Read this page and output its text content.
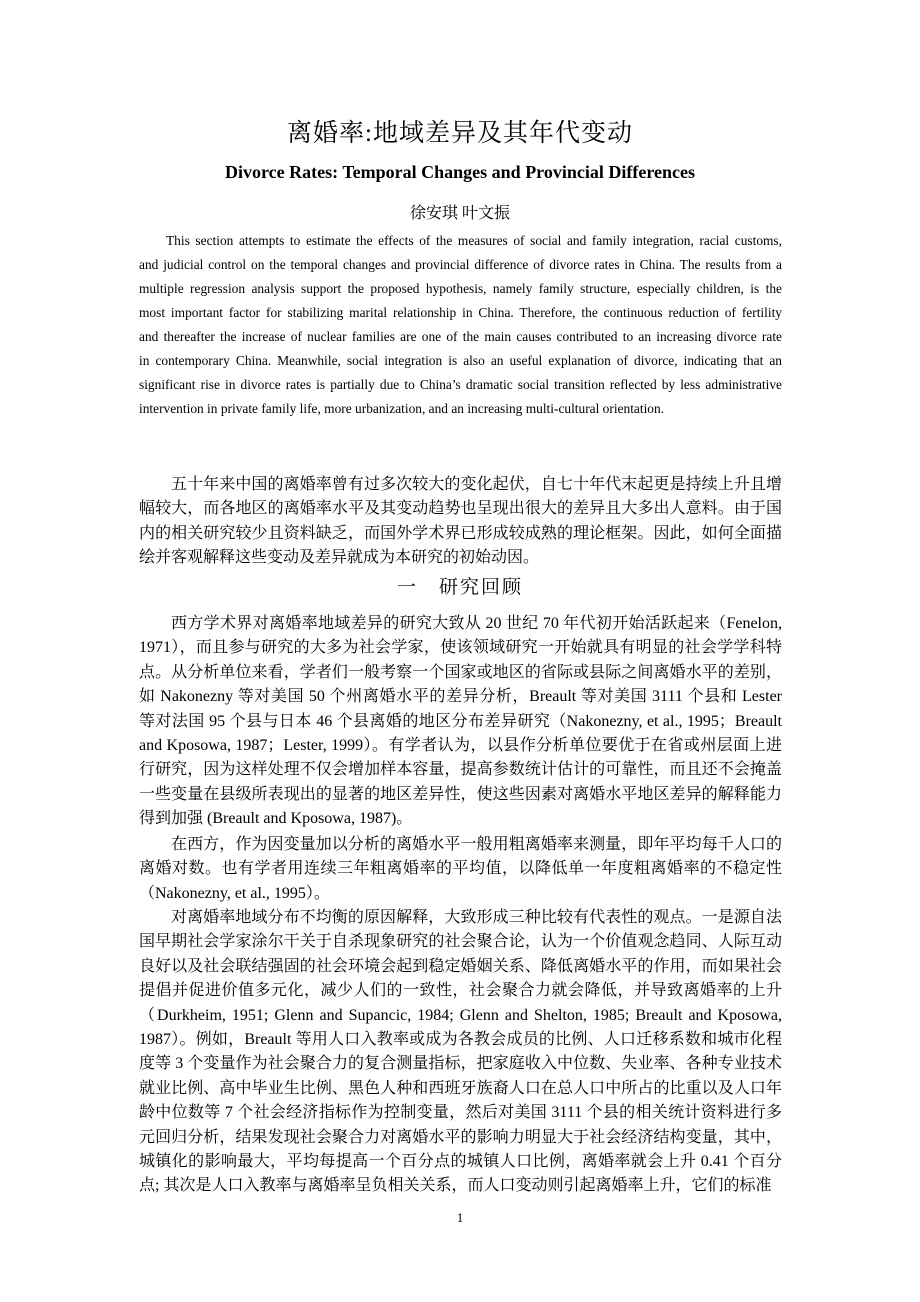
离婚率:地域差异及其年代变动
Divorce Rates: Temporal Changes and Provincial Differences
徐安琪 叶文振
This section attempts to estimate the effects of the measures of social and family integration, racial customs,
and judicial control on the temporal changes and provincial difference of divorce rates in China. The results from a
multiple regression analysis support the proposed hypothesis, namely family structure, especially children, is the
most important factor for stabilizing marital relationship in China. Therefore, the continuous reduction of fertility
and thereafter the increase of nuclear families are one of the main causes contributed to an increasing divorce rate
in contemporary China. Meanwhile, social integration is also an useful explanation of divorce, indicating that an
significant rise in divorce rates is partially due to China’s dramatic social transition reflected by less administrative
intervention in private family life, more urbanization, and an increasing multi-cultural orientation.
五十年来中国的离婚率曾有过多次较大的变化起伏，自七十年代末起更是持续上升且增
幅较大，而各地区的离婚率水平及其变动趋势也呈现出很大的差异且大多出人意料。由于国
内的相关研究较少且资料缺乏，而国外学术界已形成较成熟的理论框架。因此，如何全面描
绘并客观解释这些变动及差异就成为本研究的初始动因。
一　研究回顾
西方学术界对离婚率地域差异的研究大致从 20 世纪 70 年代初开始活跃起来（Fenelon,
1971），而且参与研究的大多为社会学家，使该领域研究一开始就具有明显的社会学学科特
点。从分析单位来看，学者们一般考察一个国家或地区的省际或县际之间离婚水平的差别，
如 Nakonezny 等对美国 50 个州离婚水平的差异分析，Breault 等对美国 3111 个县和 Lester
等对法国 95 个县与日本 46 个县离婚的地区分布差异研究（Nakonezny, et al., 1995；Breault
and Kposowa, 1987；Lester, 1999）。有学者认为，以县作分析单位要优于在省或州层面上进
行研究，因为这样处理不仅会增加样本容量，提高参数统计估计的可靠性，而且还不会掩盖
一些变量在县级所表现出的显著的地区差异性，使这些因素对离婚水平地区差异的解释能力
得到加强 (Breault and Kposowa, 1987)。
在西方，作为因变量加以分析的离婚水平一般用粗离婚率来测量，即年平均每千人口的
离婚对数。也有学者用连续三年粗离婚率的平均值，以降低单一年度粗离婚率的不稳定性
（Nakonezny, et al., 1995）。
对离婚率地域分布不均衡的原因解释，大致形成三种比较有代表性的观点。一是源自法
国早期社会学家涂尔干关于自杀现象研究的社会聚合论，认为一个价值观念趋同、人际互动
良好以及社会联结强固的社会环境会起到稳定婚姻关系、降低离婚水平的作用，而如果社会
提倡并促进价值多元化，减少人们的一致性，社会聚合力就会降低，并导致离婚率的上升
（Durkheim, 1951; Glenn and Supancic, 1984; Glenn and Shelton, 1985; Breault and Kposowa,
1987）。例如，Breault 等用人口入教率或成为各教会成员的比例、人口迁移系数和城市化程
度等 3 个变量作为社会聚合力的复合测量指标，把家庭收入中位数、失业率、各种专业技术
就业比例、高中毕业生比例、黑色人种和西班牙族裔人口在总人口中所占的比重以及人口年
龄中位数等 7 个社会经济指标作为控制变量，然后对美国 3111 个县的相关统计资料进行多
元回归分析，结果发现社会聚合力对离婚水平的影响力明显大于社会经济结构变量，其中，
城镇化的影响最大，平均每提高一个百分点的城镇人口比例，离婚率就会上升 0.41 个百分
点; 其次是人口入教率与离婚率呈负相关关系，而人口变动则引起离婚率上升，它们的标准
1
